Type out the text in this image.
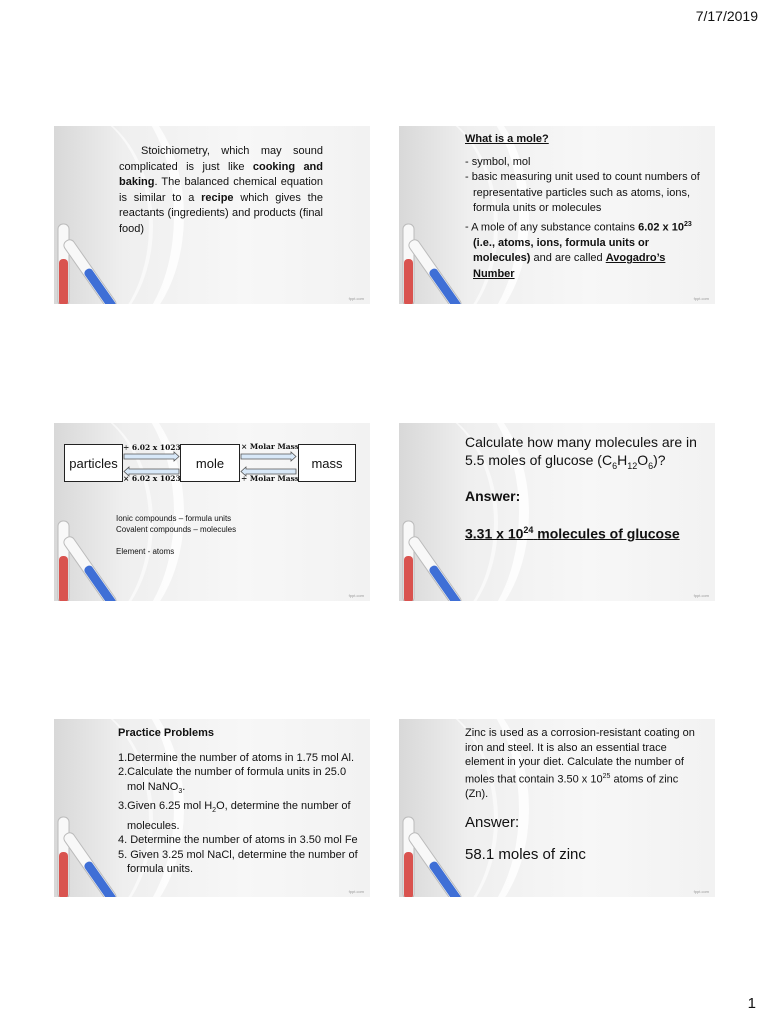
7/17/2019
Stoichiometry, which may sound complicated is just like cooking and baking. The balanced chemical equation is similar to a recipe which gives the reactants (ingredients) and products (final food)
fppt.com
What is a mole?
- symbol, mol
- basic measuring unit used to count numbers of representative particles such as atoms, ions, formula units or molecules
- A mole of any substance contains 6.02 x $10^{23}$ (i.e., atoms, ions, formula units or molecules) and are called Avogadro’s Number
fppt.com
particles	mole	mass
÷ 6.02 x 1023
× 6.02 x 1023
× Molar Mass
÷ Molar Mass
Ionic compounds – formula units
Covalent compounds – molecules
Element - atoms
fppt.com
Calculate how many molecules are in 5.5 moles of glucose $(C_6H_{12}O_6)$?
Answer:
3.31 x $10^{24}$ molecules of glucose
fppt.com
Practice Problems
1.Determine the number of atoms in 1.75 mol Al.
2.Calculate the number of formula units in 25.0 mol NaNO$_3$.
3.Given 6.25 mol $H_2O$, determine the number of molecules.
4. Determine the number of atoms in 3.50 mol Fe
5. Given 3.25 mol NaCl, determine the number of formula units.
fppt.com
Zinc is used as a corrosion-resistant coating on iron and steel. It is also an essential trace element in your diet. Calculate the number of moles that contain 3.50 x $10^{25}$ atoms of zinc (Zn).
Answer:
58.1 moles of zinc
fppt.com
1
